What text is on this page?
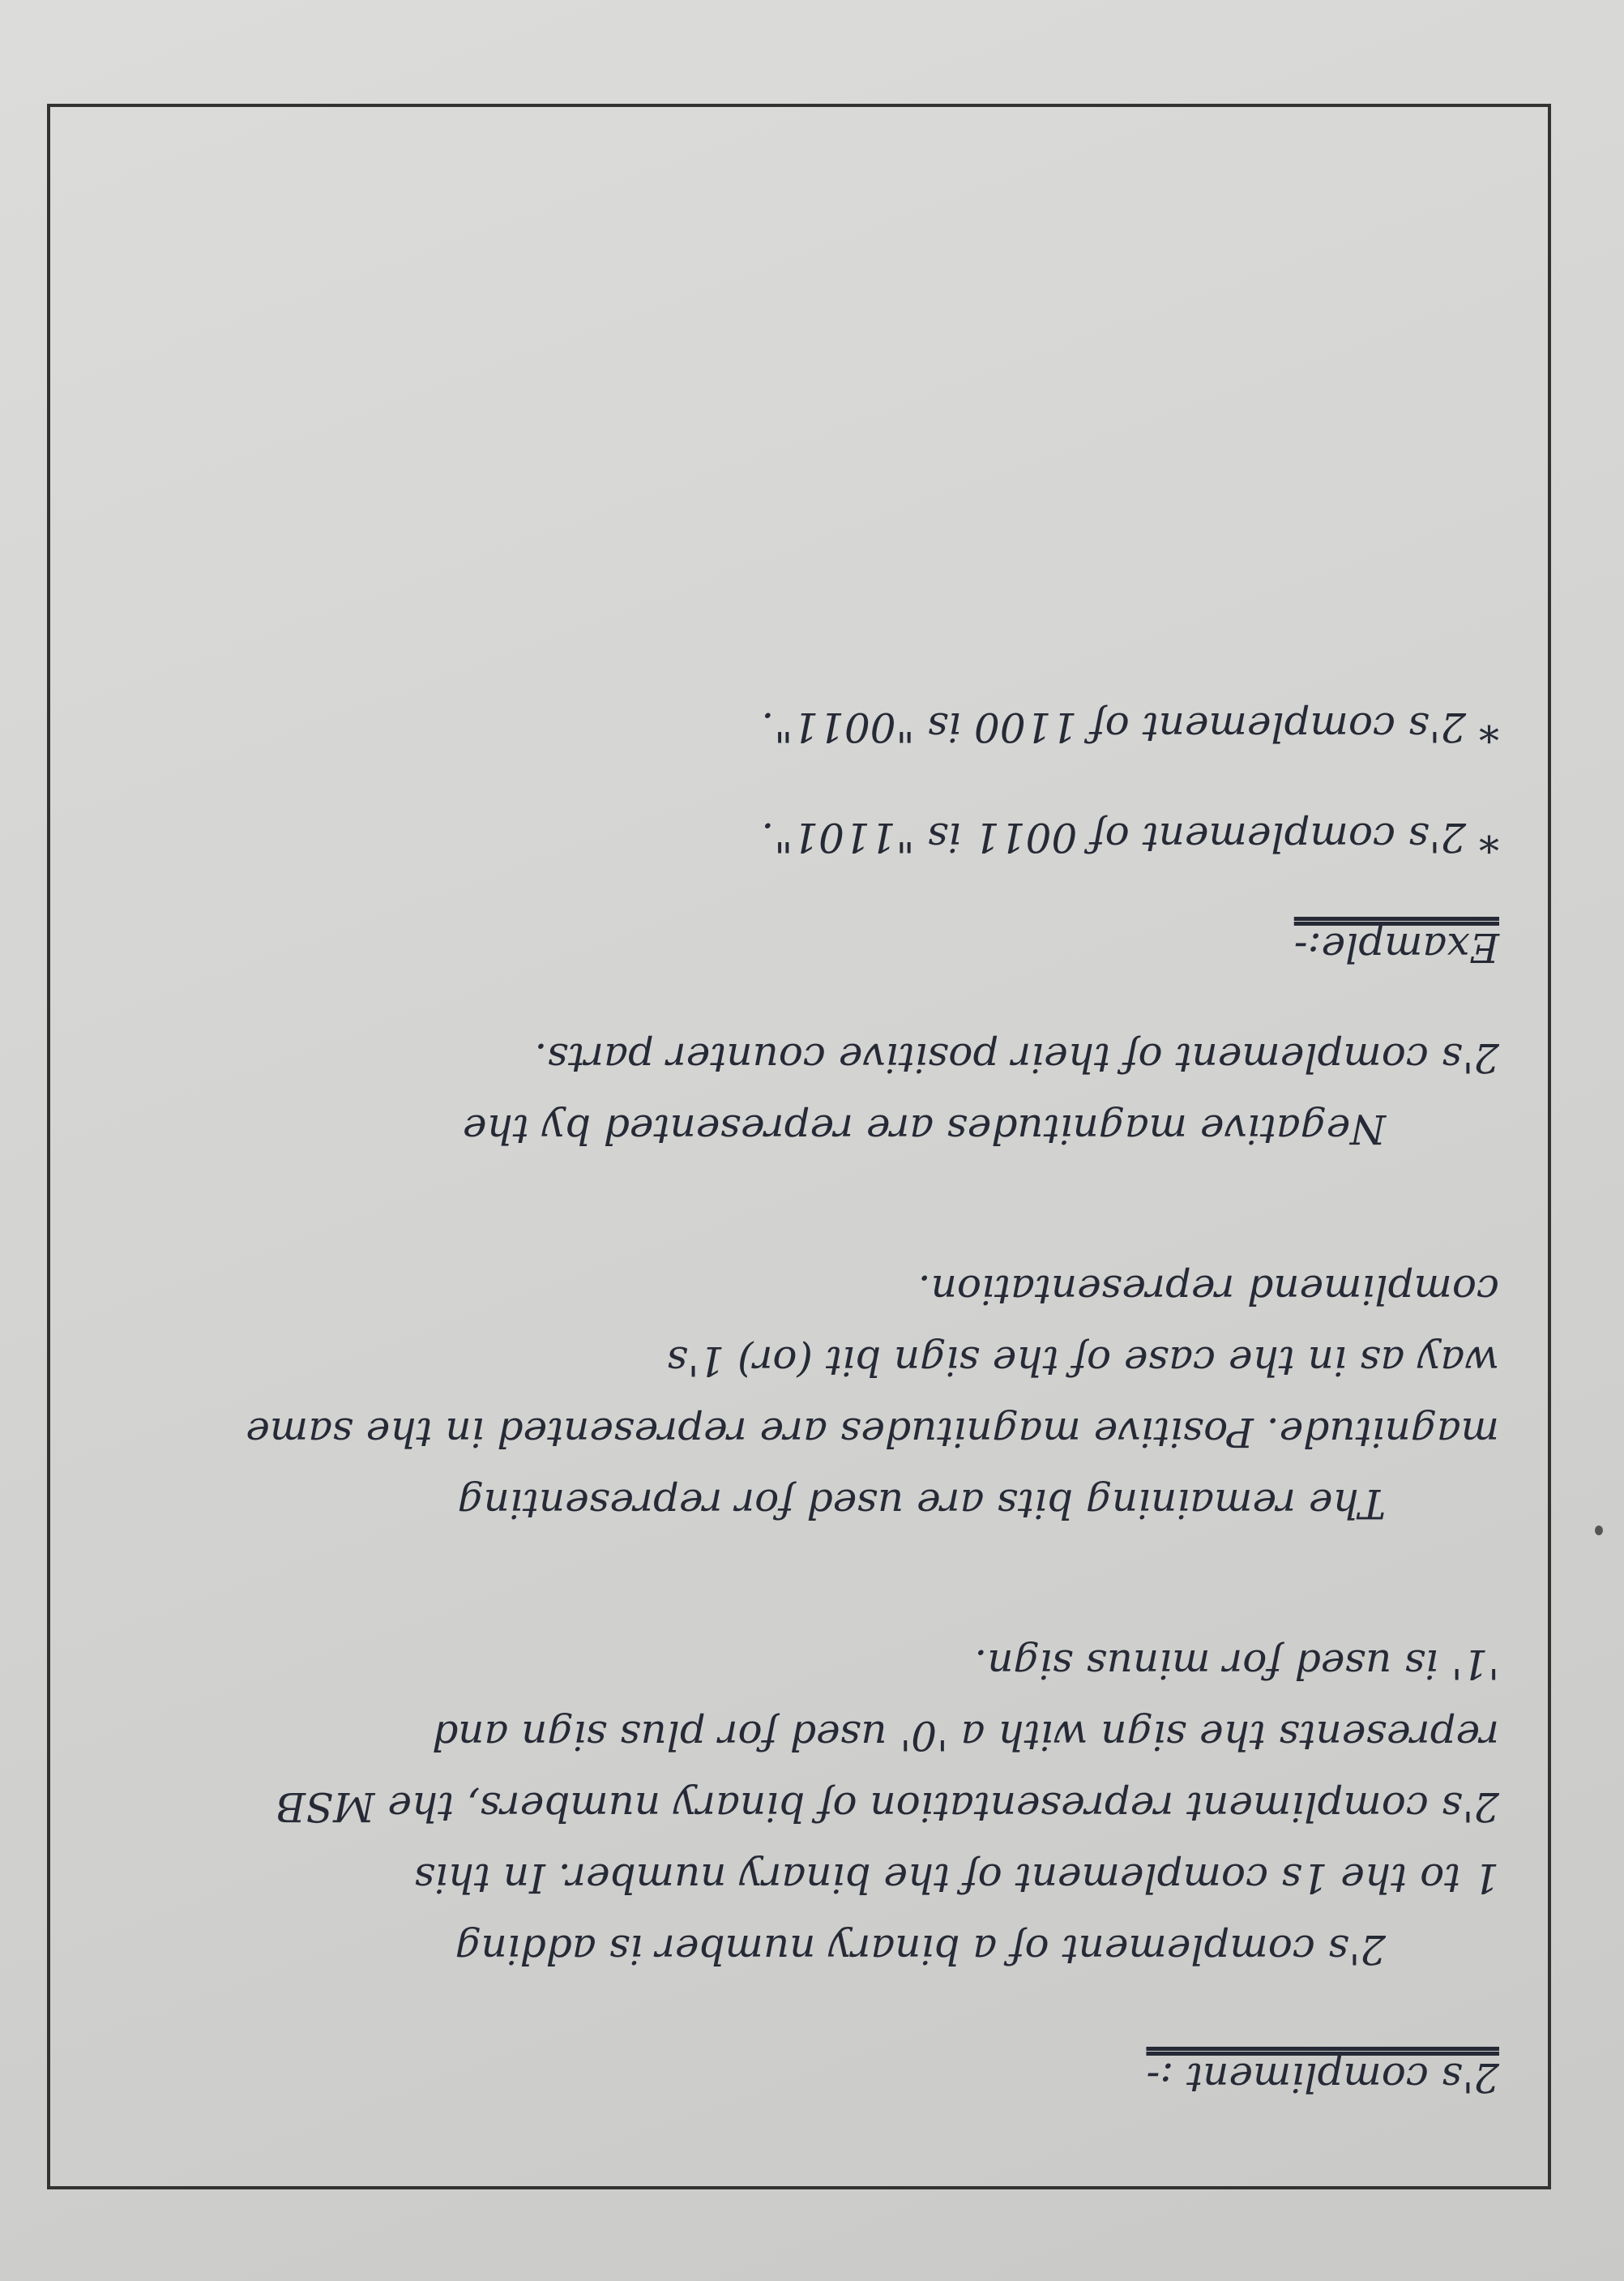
2's compliment :-

2's complement of a binary number is adding

1 to the 1s complement of the binary number. In this

2's compliment representation of binary numbers, the MSB

represents the sign with a '0' used for plus sign and

'1' is used for minus sign.

The remaining bits are used for representing

magnitude. Positive magnitudes are represented in the same

way as in the case of the sign bit (or) 1's

complimend representation.

Negative magnitudes are represented by the

2's complement of their positive counter parts.

Example:-

* 2's complement of 0011 is "1101".

* 2's complement of 1100 is "0011".
